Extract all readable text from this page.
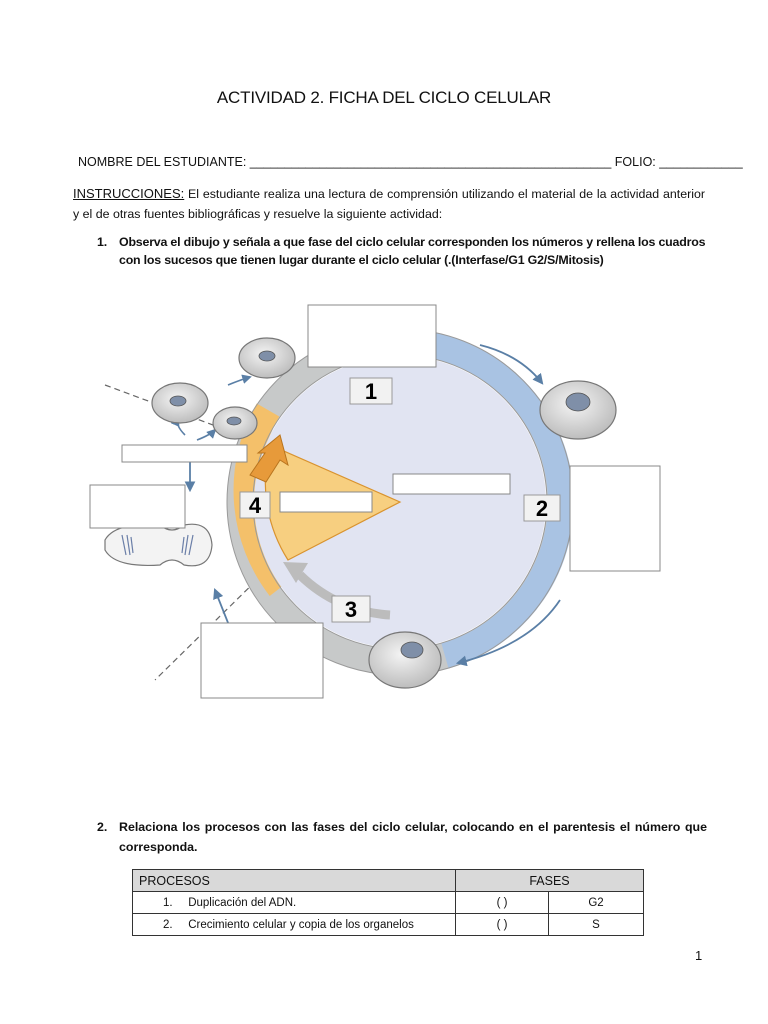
ACTIVIDAD 2. FICHA DEL CICLO CELULAR
NOMBRE DEL ESTUDIANTE: ____________________________________________________ FOLIO: ____________
INSTRUCCIONES: El estudiante realiza una lectura de comprensión utilizando el material de la actividad anterior y el de otras fuentes bibliográficas y resuelve la siguiente actividad:
1. Observa el dibujo y señala a que fase del ciclo celular corresponden los números y rellena los cuadros con los sucesos que tienen lugar durante el ciclo celular (.(Interfase/G1 G2/S/Mitosis)
1
2
3
4
2. Relaciona los procesos con las fases del ciclo celular, colocando en el parentesis el número que corresponda.
PROCESOS	FASES	
1. Duplicación del ADN.	( )	G2
2. Crecimiento celular y copia de los organelos	( )	S
1
